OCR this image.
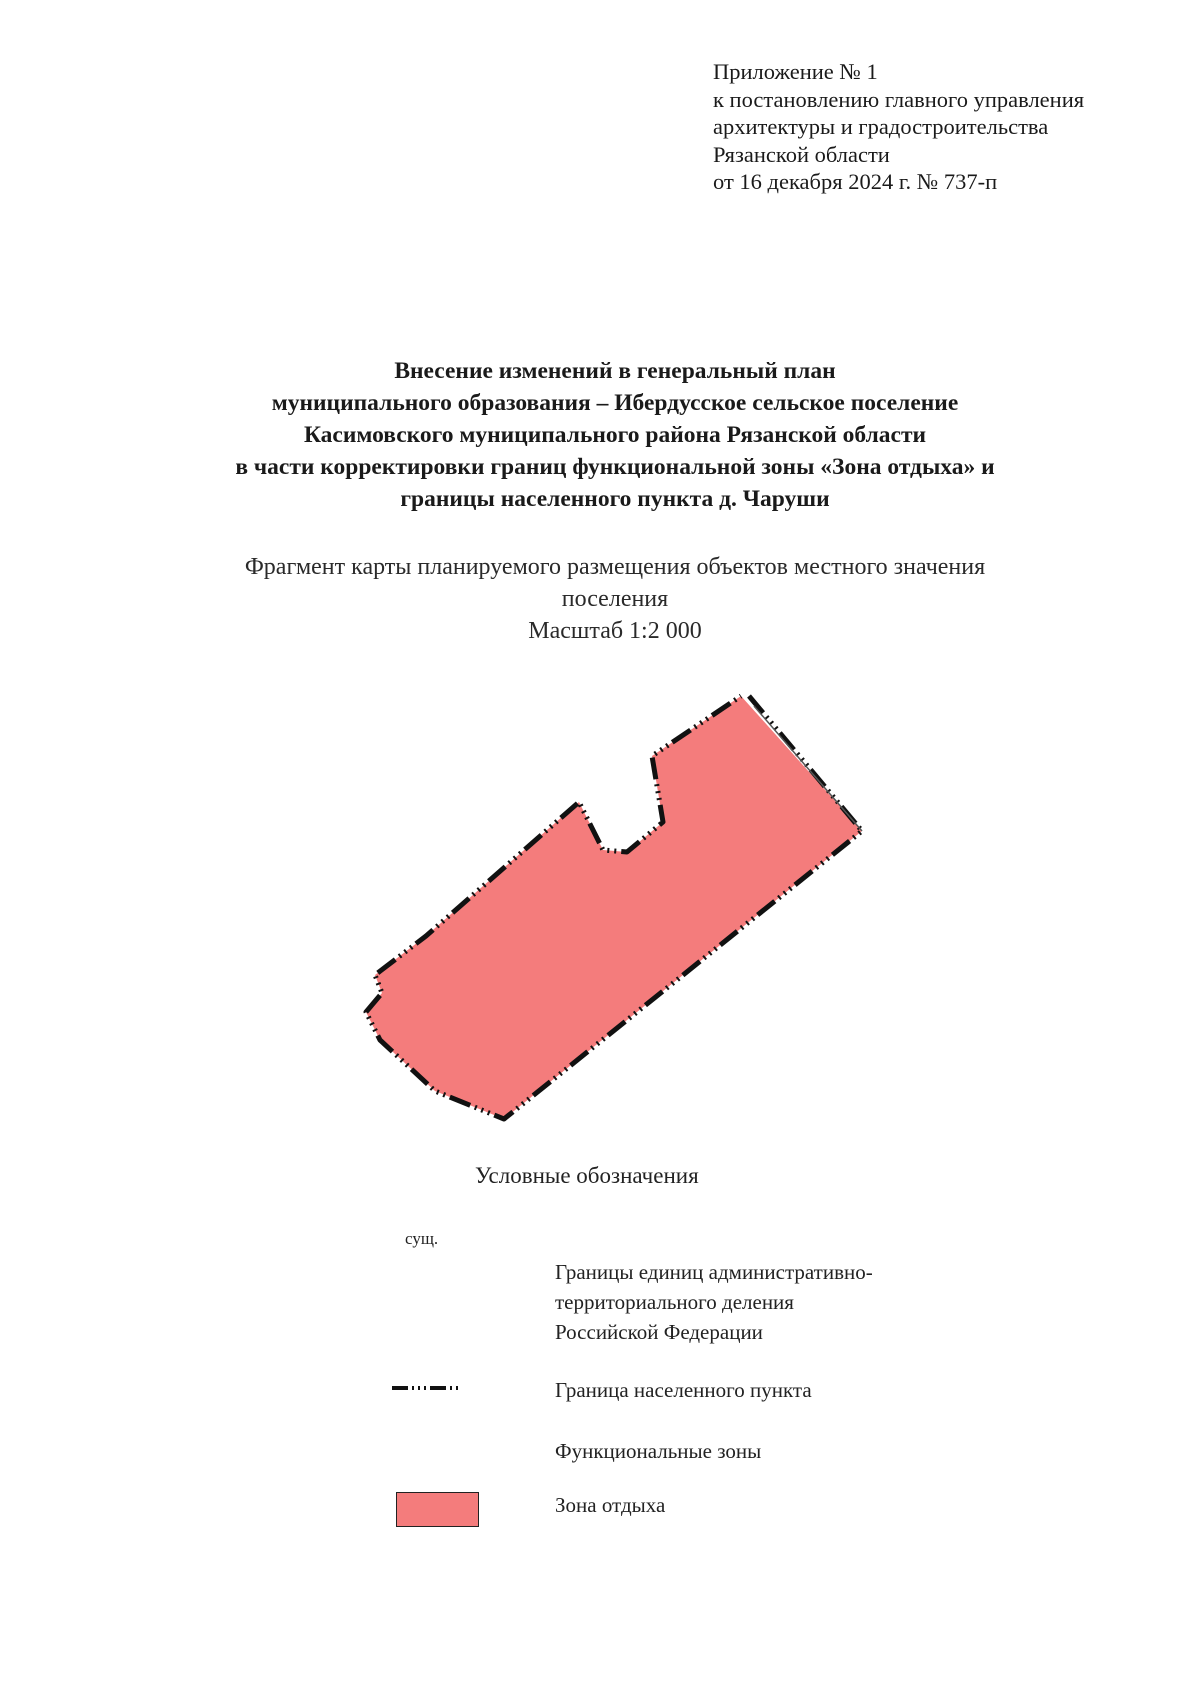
Приложение № 1
к постановлению главного управления
архитектуры и градостроительства
Рязанской области
от 16 декабря 2024 г. № 737-п
Внесение изменений в генеральный план
муниципального образования – Ибердусское сельское поселение
Касимовского муниципального района Рязанской области
в части корректировки границ функциональной зоны «Зона отдыха» и
границы населенного пункта д. Чаруши
Фрагмент карты планируемого размещения объектов местного значения
поселения
Масштаб 1:2 000
Условные обозначения
сущ.
Границы единиц административно-
территориального деления
Российской Федерации
Граница населенного пункта
Функциональные зоны
Зона отдыха
